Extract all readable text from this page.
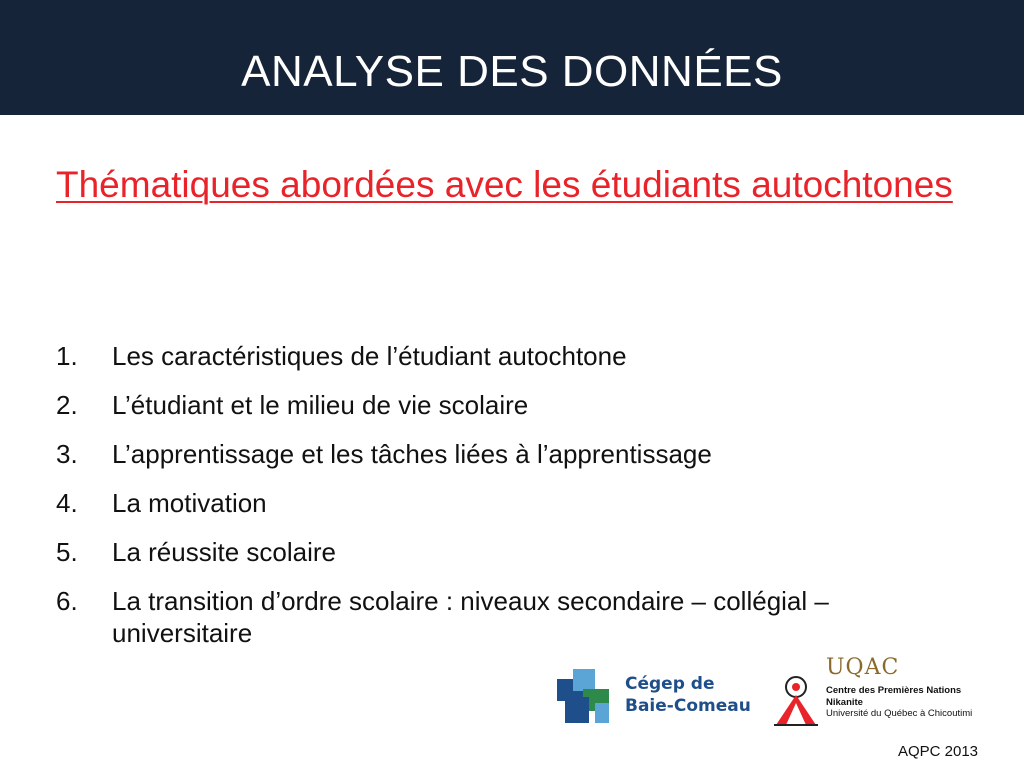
ANALYSE DES DONNÉES
Thématiques abordées avec les étudiants autochtones
1.	Les caractéristiques de l’étudiant autochtone
2.	L’étudiant et le milieu de vie scolaire
3.	L’apprentissage et les tâches liées à l’apprentissage
4.	La motivation
5.	La réussite scolaire
6.	La transition d’ordre scolaire : niveaux secondaire – collégial – universitaire
Cégep de
Baie-Comeau
UQAC
Centre des Premières Nations
Nikanite
Université du Québec à Chicoutimi
AQPC 2013
